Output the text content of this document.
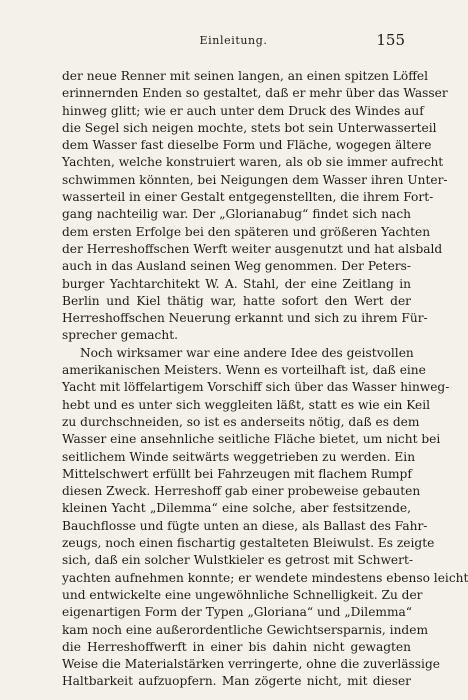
Einleitung.	155
der neue Renner mit seinen langen, an einen spitzen Löffel
erinnernden Enden so gestaltet, daß er mehr über das Wasser
hinweg glitt; wie er auch unter dem Druck des Windes auf
die Segel sich neigen mochte, stets bot sein Unterwasserteil
dem Wasser fast dieselbe Form und Fläche, wogegen ältere
Yachten, welche konstruiert waren, als ob sie immer aufrecht
schwimmen könnten, bei Neigungen dem Wasser ihren Unter-
wasserteil in einer Gestalt entgegenstellten, die ihrem Fort-
gang nachteilig war. Der „Glorianabug“ findet sich nach
dem ersten Erfolge bei den späteren und größeren Yachten
der Herreshoffschen Werft weiter ausgenutzt und hat alsbald
auch in das Ausland seinen Weg genommen. Der Peters-
burger Yachtarchitekt W. A. Stahl, der eine Zeitlang in
Berlin und Kiel thätig war, hatte sofort den Wert der
Herreshoffschen Neuerung erkannt und sich zu ihrem Für-
sprecher gemacht.
Noch wirksamer war eine andere Idee des geistvollen
amerikanischen Meisters. Wenn es vorteilhaft ist, daß eine
Yacht mit löffelartigem Vorschiff sich über das Wasser hinweg-
hebt und es unter sich weggleiten läßt, statt es wie ein Keil
zu durchschneiden, so ist es anderseits nötig, daß es dem
Wasser eine ansehnliche seitliche Fläche bietet, um nicht bei
seitlichem Winde seitwärts weggetrieben zu werden. Ein
Mittelschwert erfüllt bei Fahrzeugen mit flachem Rumpf
diesen Zweck. Herreshoff gab einer probeweise gebauten
kleinen Yacht „Dilemma“ eine solche, aber festsitzende,
Bauchflosse und fügte unten an diese, als Ballast des Fahr-
zeugs, noch einen fischartig gestalteten Bleiwulst. Es zeigte
sich, daß ein solcher Wulstkieler es getrost mit Schwert-
yachten aufnehmen konnte; er wendete mindestens ebenso leicht
und entwickelte eine ungewöhnliche Schnelligkeit. Zu der
eigenartigen Form der Typen „Gloriana“ und „Dilemma“
kam noch eine außerordentliche Gewichtsersparnis, indem
die Herreshoffwerft in einer bis dahin nicht gewagten
Weise die Materialstärken verringerte, ohne die zuverlässige
Haltbarkeit aufzuopfern. Man zögerte nicht, mit dieser
